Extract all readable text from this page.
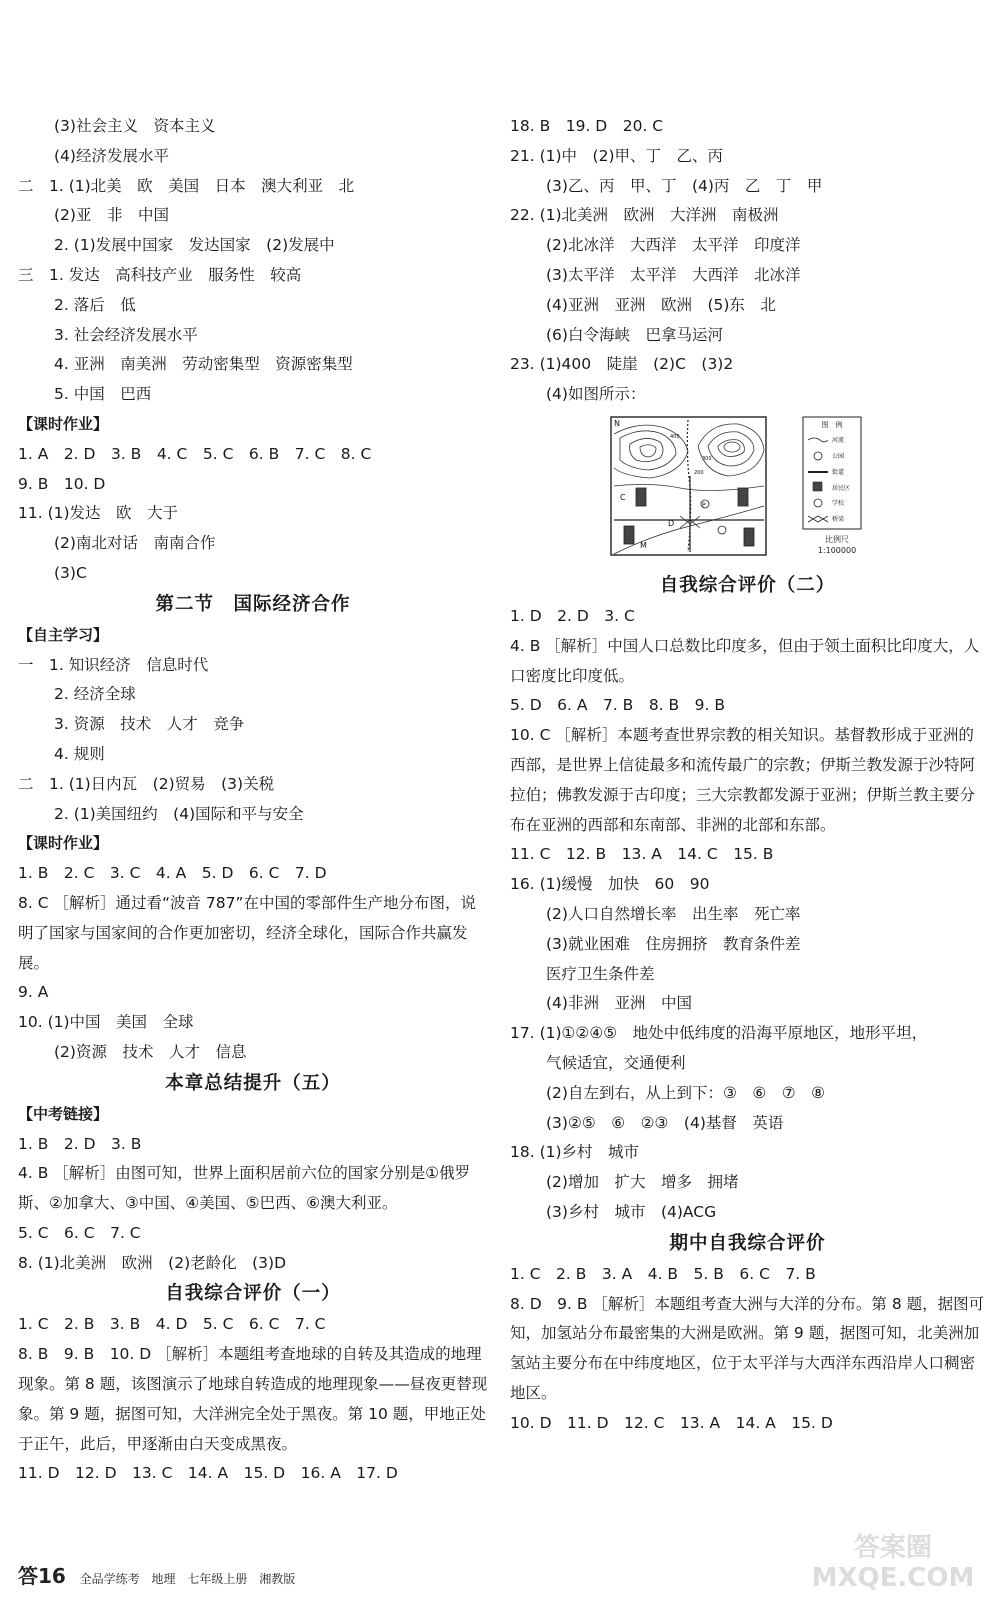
(3)社会主义　资本主义
(4)经济发展水平
二　1. (1)北美　欧　美国　日本　澳大利亚　北
(2)亚　非　中国
2. (1)发展中国家　发达国家　(2)发展中
三　1. 发达　高科技产业　服务性　较高
2. 落后　低
3. 社会经济发展水平
4. 亚洲　南美洲　劳动密集型　资源密集型
5. 中国　巴西
【课时作业】
1. A　2. D　3. B　4. C　5. C　6. B　7. C　8. C
9. B　10. D
11. (1)发达　欧　大于
(2)南北对话　南南合作
(3)C
第二节　国际经济合作
【自主学习】
一　1. 知识经济　信息时代
2. 经济全球
3. 资源　技术　人才　竞争
4. 规则
二　1. (1)日内瓦　(2)贸易　(3)关税
2. (1)美国纽约　(4)国际和平与安全
【课时作业】
1. B　2. C　3. C　4. A　5. D　6. C　7. D
8. C ［解析］通过看“波音 787”在中国的零部件生产地分布图，说明了国家与国家间的合作更加密切，经济全球化，国际合作共赢发展。
9. A
10. (1)中国　美国　全球
(2)资源　技术　人才　信息
本章总结提升（五）
【中考链接】
1. B　2. D　3. B
4. B ［解析］由图可知，世界上面积居前六位的国家分别是①俄罗斯、②加拿大、③中国、④美国、⑤巴西、⑥澳大利亚。
5. C　6. C　7. C
8. (1)北美洲　欧洲　(2)老龄化　(3)D
自我综合评价（一）
1. C　2. B　3. B　4. D　5. C　6. C　7. C
8. B　9. B　10. D ［解析］本题组考查地球的自转及其造成的地理现象。第 8 题，该图演示了地球自转造成的地理现象——昼夜更替现象。第 9 题，据图可知，大洋洲完全处于黑夜。第 10 题，甲地正处于正午，此后，甲逐渐由白天变成黑夜。
11. D　12. D　13. C　14. A　15. D　16. A　17. D
18. B　19. D　20. C
21. (1)中　(2)甲、丁　乙、丙
(3)乙、丙　甲、丁　(4)丙　乙　丁　甲
22. (1)北美洲　欧洲　大洋洲　南极洲
(2)北冰洋　大西洋　太平洋　印度洋
(3)太平洋　太平洋　大西洋　北冰洋
(4)亚洲　亚洲　欧洲　(5)东　北
(6)白令海峡　巴拿马运河
23. (1)400　陡崖　(2)C　(3)2
(4)如图所示：
N
C
P
D
M
400
300
200
图　例
河流
公园
街道
居民区
学校
桥梁
比例尺
1:100000
自我综合评价（二）
1. D　2. D　3. C
4. B ［解析］中国人口总数比印度多，但由于领土面积比印度大，人口密度比印度低。
5. D　6. A　7. B　8. B　9. B
10. C ［解析］本题考查世界宗教的相关知识。基督教形成于亚洲的西部，是世界上信徒最多和流传最广的宗教；伊斯兰教发源于沙特阿拉伯；佛教发源于古印度；三大宗教都发源于亚洲；伊斯兰教主要分布在亚洲的西部和东南部、非洲的北部和东部。
11. C　12. B　13. A　14. C　15. B
16. (1)缓慢　加快　60　90
(2)人口自然增长率　出生率　死亡率
(3)就业困难　住房拥挤　教育条件差
医疗卫生条件差
(4)非洲　亚洲　中国
17. (1)①②④⑤　地处中低纬度的沿海平原地区，地形平坦，
气候适宜，交通便利
(2)自左到右，从上到下：③　⑥　⑦　⑧
(3)②⑤　⑥　②③　(4)基督　英语
18. (1)乡村　城市
(2)增加　扩大　增多　拥堵
(3)乡村　城市　(4)ACG
期中自我综合评价
1. C　2. B　3. A　4. B　5. B　6. C　7. B
8. D　9. B ［解析］本题组考查大洲与大洋的分布。第 8 题，据图可知，加氢站分布最密集的大洲是欧洲。第 9 题，据图可知，北美洲加氢站主要分布在中纬度地区，位于太平洋与大西洋东西沿岸人口稠密地区。
10. D　11. D　12. C　13. A　14. A　15. D
答16 全品学练考 地理 七年级上册 湘教版
答案圈
MXQE.COM
